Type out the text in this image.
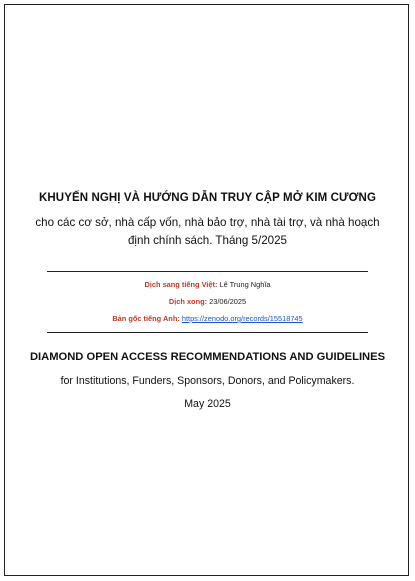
KHUYẾN NGHỊ VÀ HƯỚNG DẪN TRUY CẬP MỞ KIM CƯƠNG
cho các cơ sở, nhà cấp vốn, nhà bảo trợ, nhà tài trợ, và nhà hoạch định chính sách. Tháng 5/2025
Dịch sang tiếng Việt: Lê Trung Nghĩa
Dịch xong: 23/06/2025
Bản gốc tiếng Anh: https://zenodo.org/records/15518745
DIAMOND OPEN ACCESS RECOMMENDATIONS AND GUIDELINES
for Institutions, Funders, Sponsors, Donors, and Policymakers.
May 2025
